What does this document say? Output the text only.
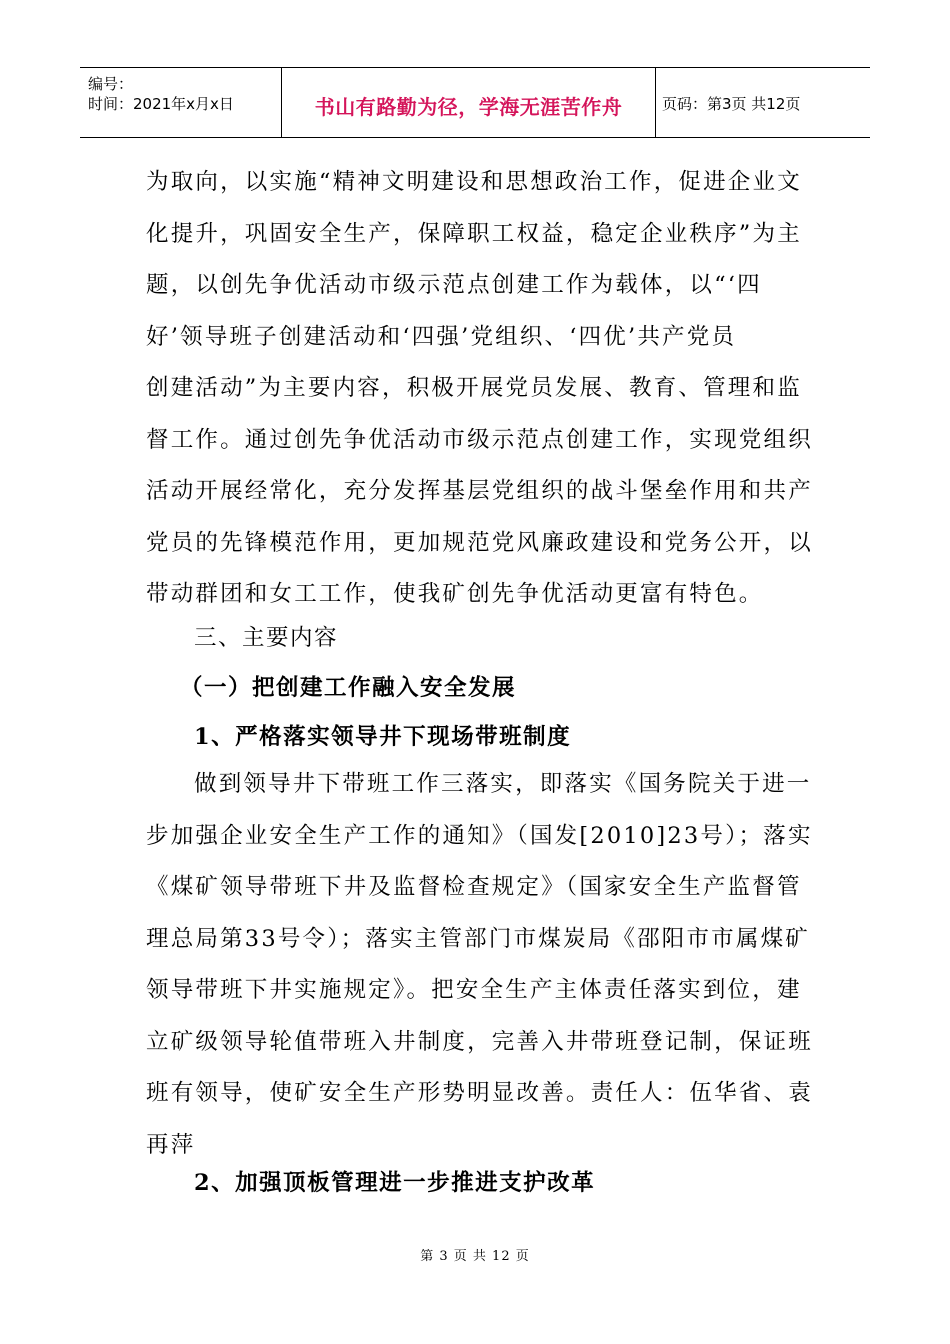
编号：
时间：2021年x月x日	书山有路勤为径，学海无涯苦作舟	页码：第3页 共12页
为取向，以实施“精神文明建设和思想政治工作，促进企业文
化提升，巩固安全生产，保障职工权益，稳定企业秩序”为主
题，以创先争优活动市级示范点创建工作为载体，以“‘四
好’领导班子创建活动和‘四强’党组织、‘四优’共产党员
创建活动”为主要内容，积极开展党员发展、教育、管理和监
督工作。通过创先争优活动市级示范点创建工作，实现党组织
活动开展经常化，充分发挥基层党组织的战斗堡垒作用和共产
党员的先锋模范作用，更加规范党风廉政建设和党务公开，以
带动群团和女工工作，使我矿创先争优活动更富有特色。
三、主要内容
（一）把创建工作融入安全发展
1、严格落实领导井下现场带班制度
做到领导井下带班工作三落实，即落实《国务院关于进一
步加强企业安全生产工作的通知》（国发[2010]23号）；落实
《煤矿领导带班下井及监督检查规定》（国家安全生产监督管
理总局第33号令）；落实主管部门市煤炭局《邵阳市市属煤矿
领导带班下井实施规定》。把安全生产主体责任落实到位，建
立矿级领导轮值带班入井制度，完善入井带班登记制，保证班
班有领导，使矿安全生产形势明显改善。责任人：伍华省、袁
再萍
2、加强顶板管理进一步推进支护改革
第 3 页 共 12 页
